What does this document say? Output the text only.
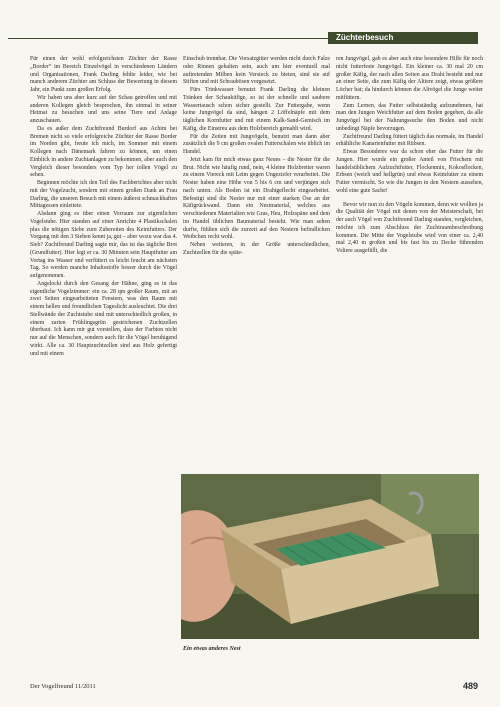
Züchterbesuch

Für einen der wohl erfolgreichsten Züchter der Rasse „Border“ im Bereich Einzelvögel in verschiedenen Ländern und Organisationen, Frank Darling fehlte leider, wie bei manch anderem Züchter am Schluss der Bewertung in diesem Jahr, ein Punkt zum großen Erfolg.

Wir haben uns aber kurz auf der Schau getroffen und mit anderen Kollegen gleich besprochen, ihn einmal in seiner Heimat zu besuchen und uns seine Tiere und Anlage anzuschauen.

Da es außer dem Zuchtfreund Burdorf aus Achim bei Bremen nicht so viele erfolgreiche Züchter der Rasse Border im Norden gibt, freute ich mich, im Sommer mit einem Kollegen nach Dänemark fahren zu können, um einen Einblick in andere Zuchtanlagen zu bekommen, aber auch den Vergleich dieser besonders vom Typ her tollen Vögel zu sehen.

Beginnen möchte ich den Teil des Fachberichtes aber nicht mit der Vogelzucht, sondern mit einem großen Dank an Frau Darling, die unseren Besuch mit einem äußerst schmackhaften Mittagessen einleitete.

Alsdann ging es über einen Vorraum zur eigentlichen Vogelstube. Hier standen auf einer Anrichte 4 Plastikschalen plus die nötigen Siebe zum Zubereiten des Keimfutters. Der Vorgang mit den 3 Sieben kennt ja, gut – aber wozu war das 4. Sieb? Zuchtfreund Darling sagte mir, das ist das tägliche Brot (Grundfutter). Hier legt er ca. 30 Minuten sein Hauptfutter am Vortag ins Wasser und verfüttert es leicht feucht am nächsten Tag. So werden manche Inhaltsstoffe besser durch die Vögel aufgenommen.

Angelockt durch den Gesang der Hähne, ging es in das eigentliche Vogelzimmer: ein ca. 28 qm großer Raum, mit an zwei Seiten eingearbeiteten Fenstern, was den Raum mit einem hellen und freundlichen Tageslicht ausleuchtet. Die drei Stellwände der Zuchtstube sind mit unterschiedlich großen, in einem zarten Frühlingsgrün gestrichenen Zuchtzellen überbaut. Ich kann mir gut vorstellen, dass der Farbton nicht nur auf die Menschen, sondern auch für die Vögel beruhigend wirkt. Alle ca. 30 Hauptzuchtzellen sind aus Holz gefertigt und mit einem

Einschub trennbar. Die Vorsatzgitter werden nicht durch Falze oder Rinnen gehalten sein, auch um hier eventuell mal auftretenden Milben kein Versteck zu bieten, sind sie auf Stiften und mit Schraubösen vorgesetzt.

Fürs Trinkwasser benutzt Frank Darling die kleinen Tränken der Schauküfige, so ist der schnelle und saubere Wassertausch schon sicher gestellt. Zur Futtergabe, wenn keine Jungvögel da sind, hängen 2 Löffelnäpfe mit dem täglichen Kornfutter und mit einem Kalk-Sand-Gemisch im Käfig, die Einstreu aus dem Holzbereich gemahlt wird.

Für die Zeiten mit Jungvögeln, benutzt man dann aber zusätzlich die 9 cm großen ovalen Futterschalen wie üblich im Handel.

Jetzt kam für mich etwas ganz Neues – die Nester für die Brut. Nicht wie häufig rund, nein, 4 kleine Holzbretter waren zu einem Viereck mit Leim gegen Ungeziefer verarbeitet. Die Nester haben eine Höhe von 5 bis 6 cm und verjüngen sich nach unten. Als Boden ist ein Drahtgeflecht eingearbeitet. Befestigt sind die Nester nur mit einer starken Öse an der Käfigrückwand. Dann ein Nestmaterial, welches aus verschiedenen Materialien wie Gras, Heu, Holzspäne und dem im Handel üblichen Baumaterial besteht. Wie man sehen durfte, fühlten sich die zurzeit auf den Nestern befindlichen Weibchen recht wohl.

Neben weiteren, in der Größe unterschiedlichen, Zuchtzellen für die späte-

ren Jungvögel, gab es aber auch eine besondere Hilfe für noch nicht futterfeste Jungvögel. Ein kleiner ca. 30 mal 20 cm großer Käfig, der nach allen Seiten aus Draht besteht und nur an einer Seite, die zum Käfig der Altiere zeigt, etwas größere Löcher hat; da hindurch können die Altvögel die Junge weiter mitfüttern.

Zum Lernen, das Futter selbstständig aufzunehmen, hat man den Jungen Weichfutter auf dem Boden gegeben, da alle Jungvögel bei der Nahrungssuche den Boden und nicht unbedingt Näpfe bevorzugen.

Zuchtfreund Darling füttert täglich das normale, im Handel erhältliche Kanarienfutter mit Rübsen.

Etwas Besonderes war da schon eher das Futter für die Jungen. Hier wurde ein großer Anteil von Frischem mit handelsüblichem Aufzuchtfutter, Flockenmix, Kokosflocken, Erbsen (weich und hellgrün) und etwas Keimfutter zu einem Futter vermischt. So wie die Jungen in den Nestern aussehen, wohl eine gute Sache!

Bevor wir nun zu den Vögeln kommen, denn wir wollten ja die Qualität der Vögel mit denen von der Meisterschaft, bei der auch Vögel von Zuchtfreund Darling standen, vergleichen, möchte ich zum Abschluss der Zuchtraumbeschreibung kommen. Die Mitte der Vogelstube wird von einer ca. 2,40 mal 2,40 m großen und bis fast bis zu Decke führenden Voliere ausgefüllt, die

Ein etwas anderes Nest
Der Vogelfreund 11/2011	489
